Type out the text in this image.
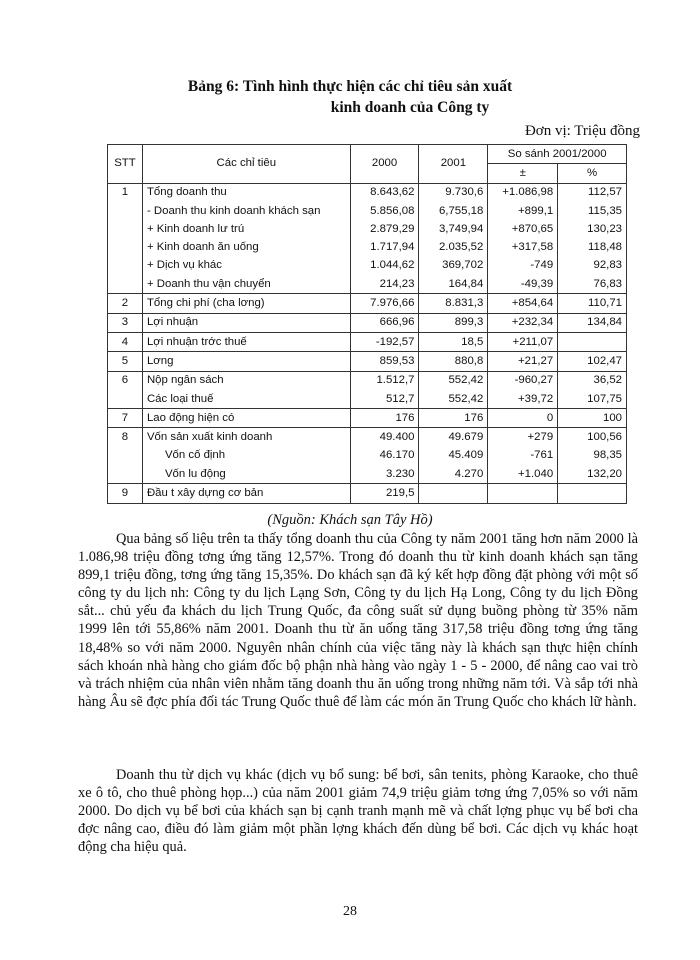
Bảng 6: Tình hình thực hiện các chỉ tiêu sản xuất
kinh doanh của Công ty
Đơn vị: Triệu đồng
STT	Các chỉ tiêu	2000	2001	So sánh 2001/2000	
				±	%
1	Tổng doanh thu	8.643,62	9.730,6	+1.086,98	112,57
	- Doanh thu kinh doanh khách sạn	5.856,08	6,755,18	+899,1	115,35
	+ Kinh doanh lư trú	2.879,29	3,749,94	+870,65	130,23
	+ Kinh doanh ăn uống	1.717,94	2.035,52	+317,58	118,48
	+ Dịch vụ khác	1.044,62	369,702	-749	92,83
	+ Doanh thu vận chuyển	214,23	164,84	-49,39	76,83
2	Tổng chi phí (cha lơng)	7.976,66	8.831,3	+854,64	110,71
3	Lợi nhuận	666,96	899,3	+232,34	134,84
4	Lợi nhuận trớc thuế	-192,57	18,5	+211,07	
5	Lơng	859,53	880,8	+21,27	102,47
6	Nộp ngân sách	1.512,7	552,42	-960,27	36,52
	Các loại thuế	512,7	552,42	+39,72	107,75
7	Lao động hiện có	176	176	0	100
8	Vốn sản xuất kinh doanh	49.400	49.679	+279	100,56
	Vốn cố định	46.170	45.409	-761	98,35
	Vốn lu động	3.230	4.270	+1.040	132,20
9	Đầu t xây dựng cơ bản	219,5			
(Nguồn: Khách sạn Tây Hồ)

Qua bảng số liệu trên ta thấy tổng doanh thu của Công ty năm 2001 tăng hơn năm 2000 là 1.086,98 triệu đồng tơng ứng tăng 12,57%. Trong đó doanh thu từ kinh doanh khách sạn tăng 899,1 triệu đồng, tơng ứng tăng 15,35%. Do khách sạn đã ký kết hợp đồng đặt phòng với một số công ty du lịch nh: Công ty du lịch Lạng Sơn, Công ty du lịch Hạ Long, Công ty du lịch Đồng sắt... chủ yếu đa khách du lịch Trung Quốc, đa công suất sử dụng buồng phòng từ 35% năm 1999 lên tới 55,86% năm 2001. Doanh thu từ ăn uống tăng 317,58 triệu đồng tơng ứng tăng 18,48% so với năm 2000. Nguyên nhân chính của việc tăng này là khách sạn thực hiện chính sách khoán nhà hàng cho giám đốc bộ phận nhà hàng vào ngày 1 - 5 - 2000, để nâng cao vai trò và trách nhiệm của nhân viên nhằm tăng doanh thu ăn uống trong những năm tới. Và sắp tới nhà hàng Âu sẽ đợc phía đối tác Trung Quốc thuê để làm các món ăn Trung Quốc cho khách lữ hành.

Doanh thu từ dịch vụ khác (dịch vụ bổ sung: bể bơi, sân tenits, phòng Karaoke, cho thuê xe ô tô, cho thuê phòng họp...) của năm 2001 giảm 74,9 triệu giảm tơng ứng 7,05% so với năm 2000. Do dịch vụ bể bơi của khách sạn bị cạnh tranh mạnh mẽ và chất lợng phục vụ bể bơi cha đợc nâng cao, điều đó làm giảm một phần lợng khách đến dùng bể bơi. Các dịch vụ khác hoạt động cha hiệu quả.

28
